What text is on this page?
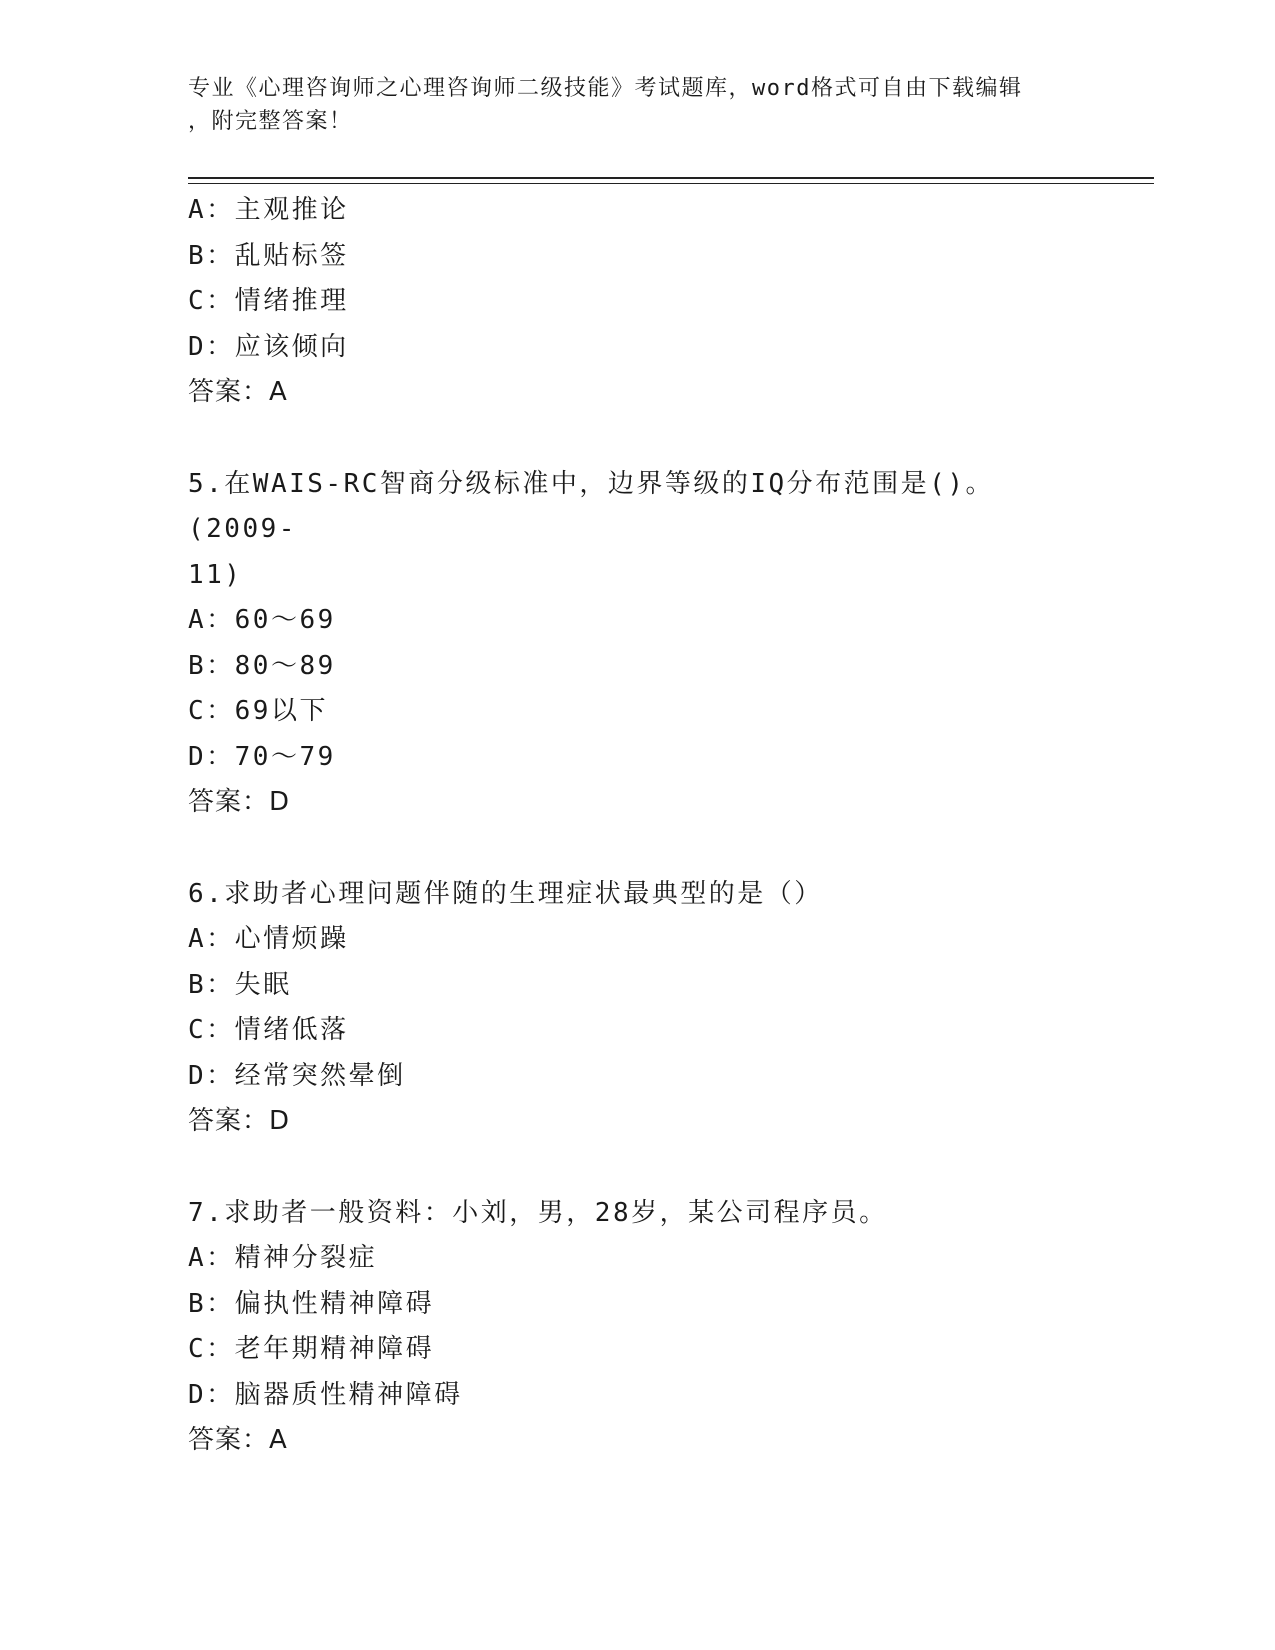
专业《心理咨询师之心理咨询师二级技能》考试题库，word格式可自由下载编辑
，附完整答案！

A：主观推论

B：乱贴标签

C：情绪推理

D：应该倾向

答案：A

5.在WAIS-RC智商分级标准中，边界等级的IQ分布范围是()。(2009-

11)

A：60～69

B：80～89

C：69以下

D：70～79

答案：D

6.求助者心理问题伴随的生理症状最典型的是（）

A：心情烦躁

B：失眠

C：情绪低落

D：经常突然晕倒

答案：D

7.求助者一般资料：小刘，男，28岁，某公司程序员。

A：精神分裂症

B：偏执性精神障碍

C：老年期精神障碍

D：脑器质性精神障碍

答案：A
